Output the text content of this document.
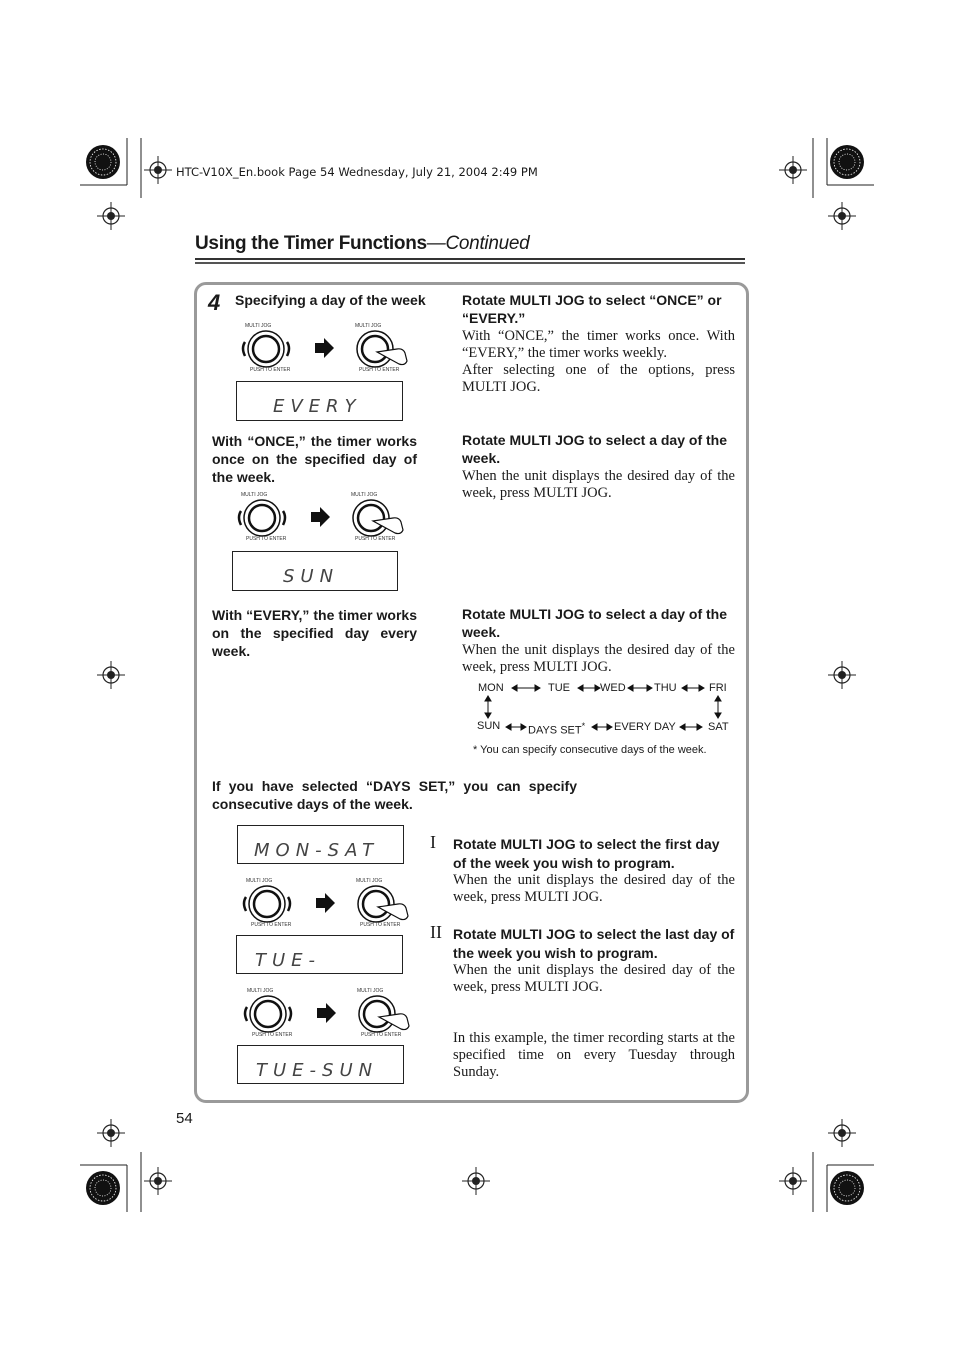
HTC-V10X_En.book Page 54 Wednesday, July 21, 2004 2:49 PM
Using the Timer Functions—Continued
4 Specifying a day of the week
MULTI JOG	MULTI JOG
PUSH TO ENTER	PUSH TO ENTER
EVERY
Rotate MULTI JOG to select “ONCE” or “EVERY.”
With “ONCE,” the timer works once. With “EVERY,” the timer works weekly.
After selecting one of the options, press MULTI JOG.
With “ONCE,” the timer works once on the specified day of the week.
Rotate MULTI JOG to select a day of the week.
When the unit displays the desired day of the week, press MULTI JOG.
MULTI JOG	MULTI JOG
PUSH TO ENTER	PUSH TO ENTER
SUN
With “EVERY,” the timer works on the specified day every week.
Rotate MULTI JOG to select a day of the week.
When the unit displays the desired day of the week, press MULTI JOG.
MON	TUE	WED	THU	FRI
SUN	DAYS SET*	EVERY DAY	SAT
* You can specify consecutive days of the week.
If you have selected “DAYS SET,” you can specify consecutive days of the week.
MON-SAT
MULTI JOG	MULTI JOG
PUSH TO ENTER	PUSH TO ENTER
TUE-
MULTI JOG	MULTI JOG
PUSH TO ENTER	PUSH TO ENTER
TUE-SUN
I Rotate MULTI JOG to select the first day of the week you wish to program.
When the unit displays the desired day of the week, press MULTI JOG.
II Rotate MULTI JOG to select the last day of the week you wish to program.
When the unit displays the desired day of the week, press MULTI JOG.
In this example, the timer recording starts at the specified time on every Tuesday through Sunday.
54
